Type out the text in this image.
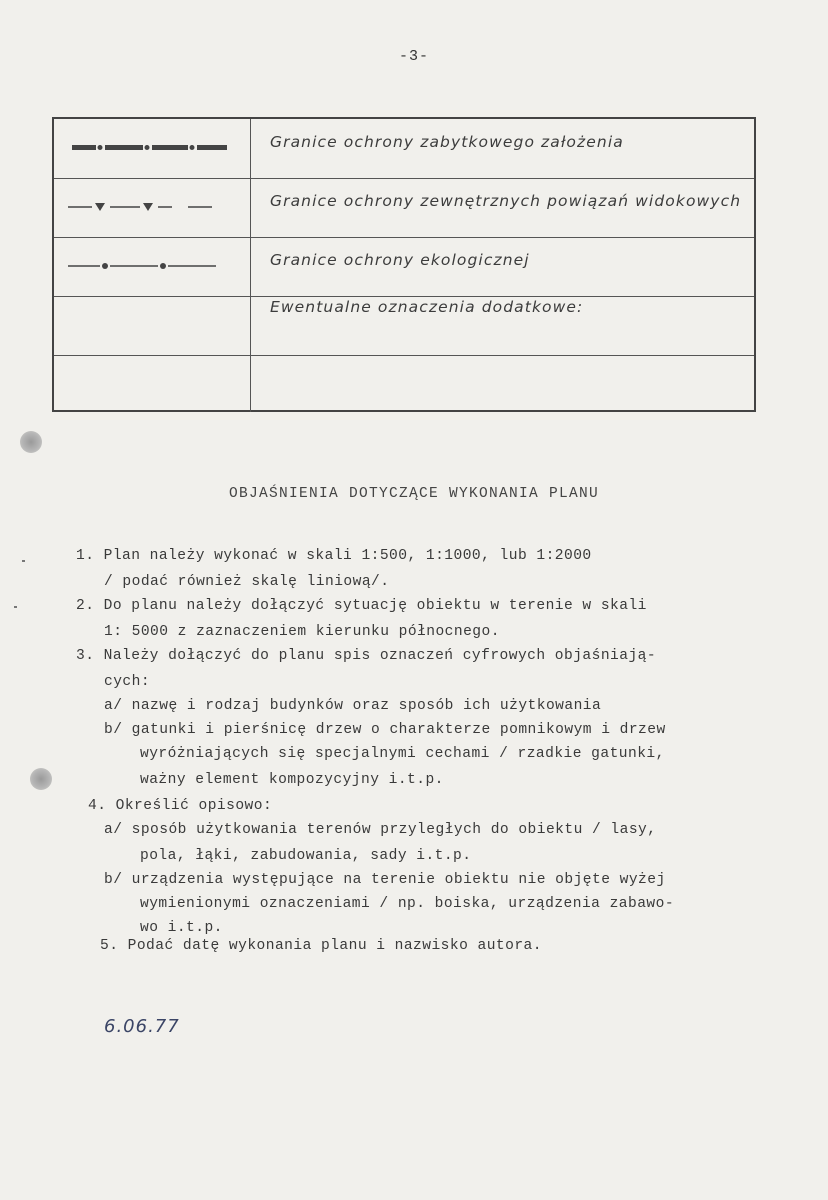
-3-
Granice ochrony zabytkowego założenia
Granice ochrony zewnętrznych powiązań widokowych
Granice ochrony ekologicznej
Ewentualne oznaczenia dodatkowe:
OBJAŚNIENIA DOTYCZĄCE WYKONANIA PLANU
1. Plan należy wykonać w skali 1:500, 1:1000, lub 1:2000
/ podać również skalę liniową/.
2. Do planu należy dołączyć sytuację obiektu w terenie w skali
1: 5000 z zaznaczeniem kierunku północnego.
3. Należy dołączyć do planu spis oznaczeń cyfrowych objaśniają-
cych:
a/ nazwę i rodzaj budynków oraz sposób ich użytkowania
b/ gatunki i pierśnicę drzew o charakterze pomnikowym i drzew
wyróżniających się specjalnymi cechami / rzadkie gatunki,
ważny element kompozycyjny i.t.p.
4. Określić opisowo:
a/ sposób użytkowania terenów przyległych do obiektu / lasy,
pola, łąki, zabudowania, sady i.t.p.
b/ urządzenia występujące na terenie obiektu nie objęte wyżej
wymienionymi oznaczeniami / np. boiska, urządzenia zabawo-
wo i.t.p.
5. Podać datę wykonania planu i nazwisko autora.
6.06.77
